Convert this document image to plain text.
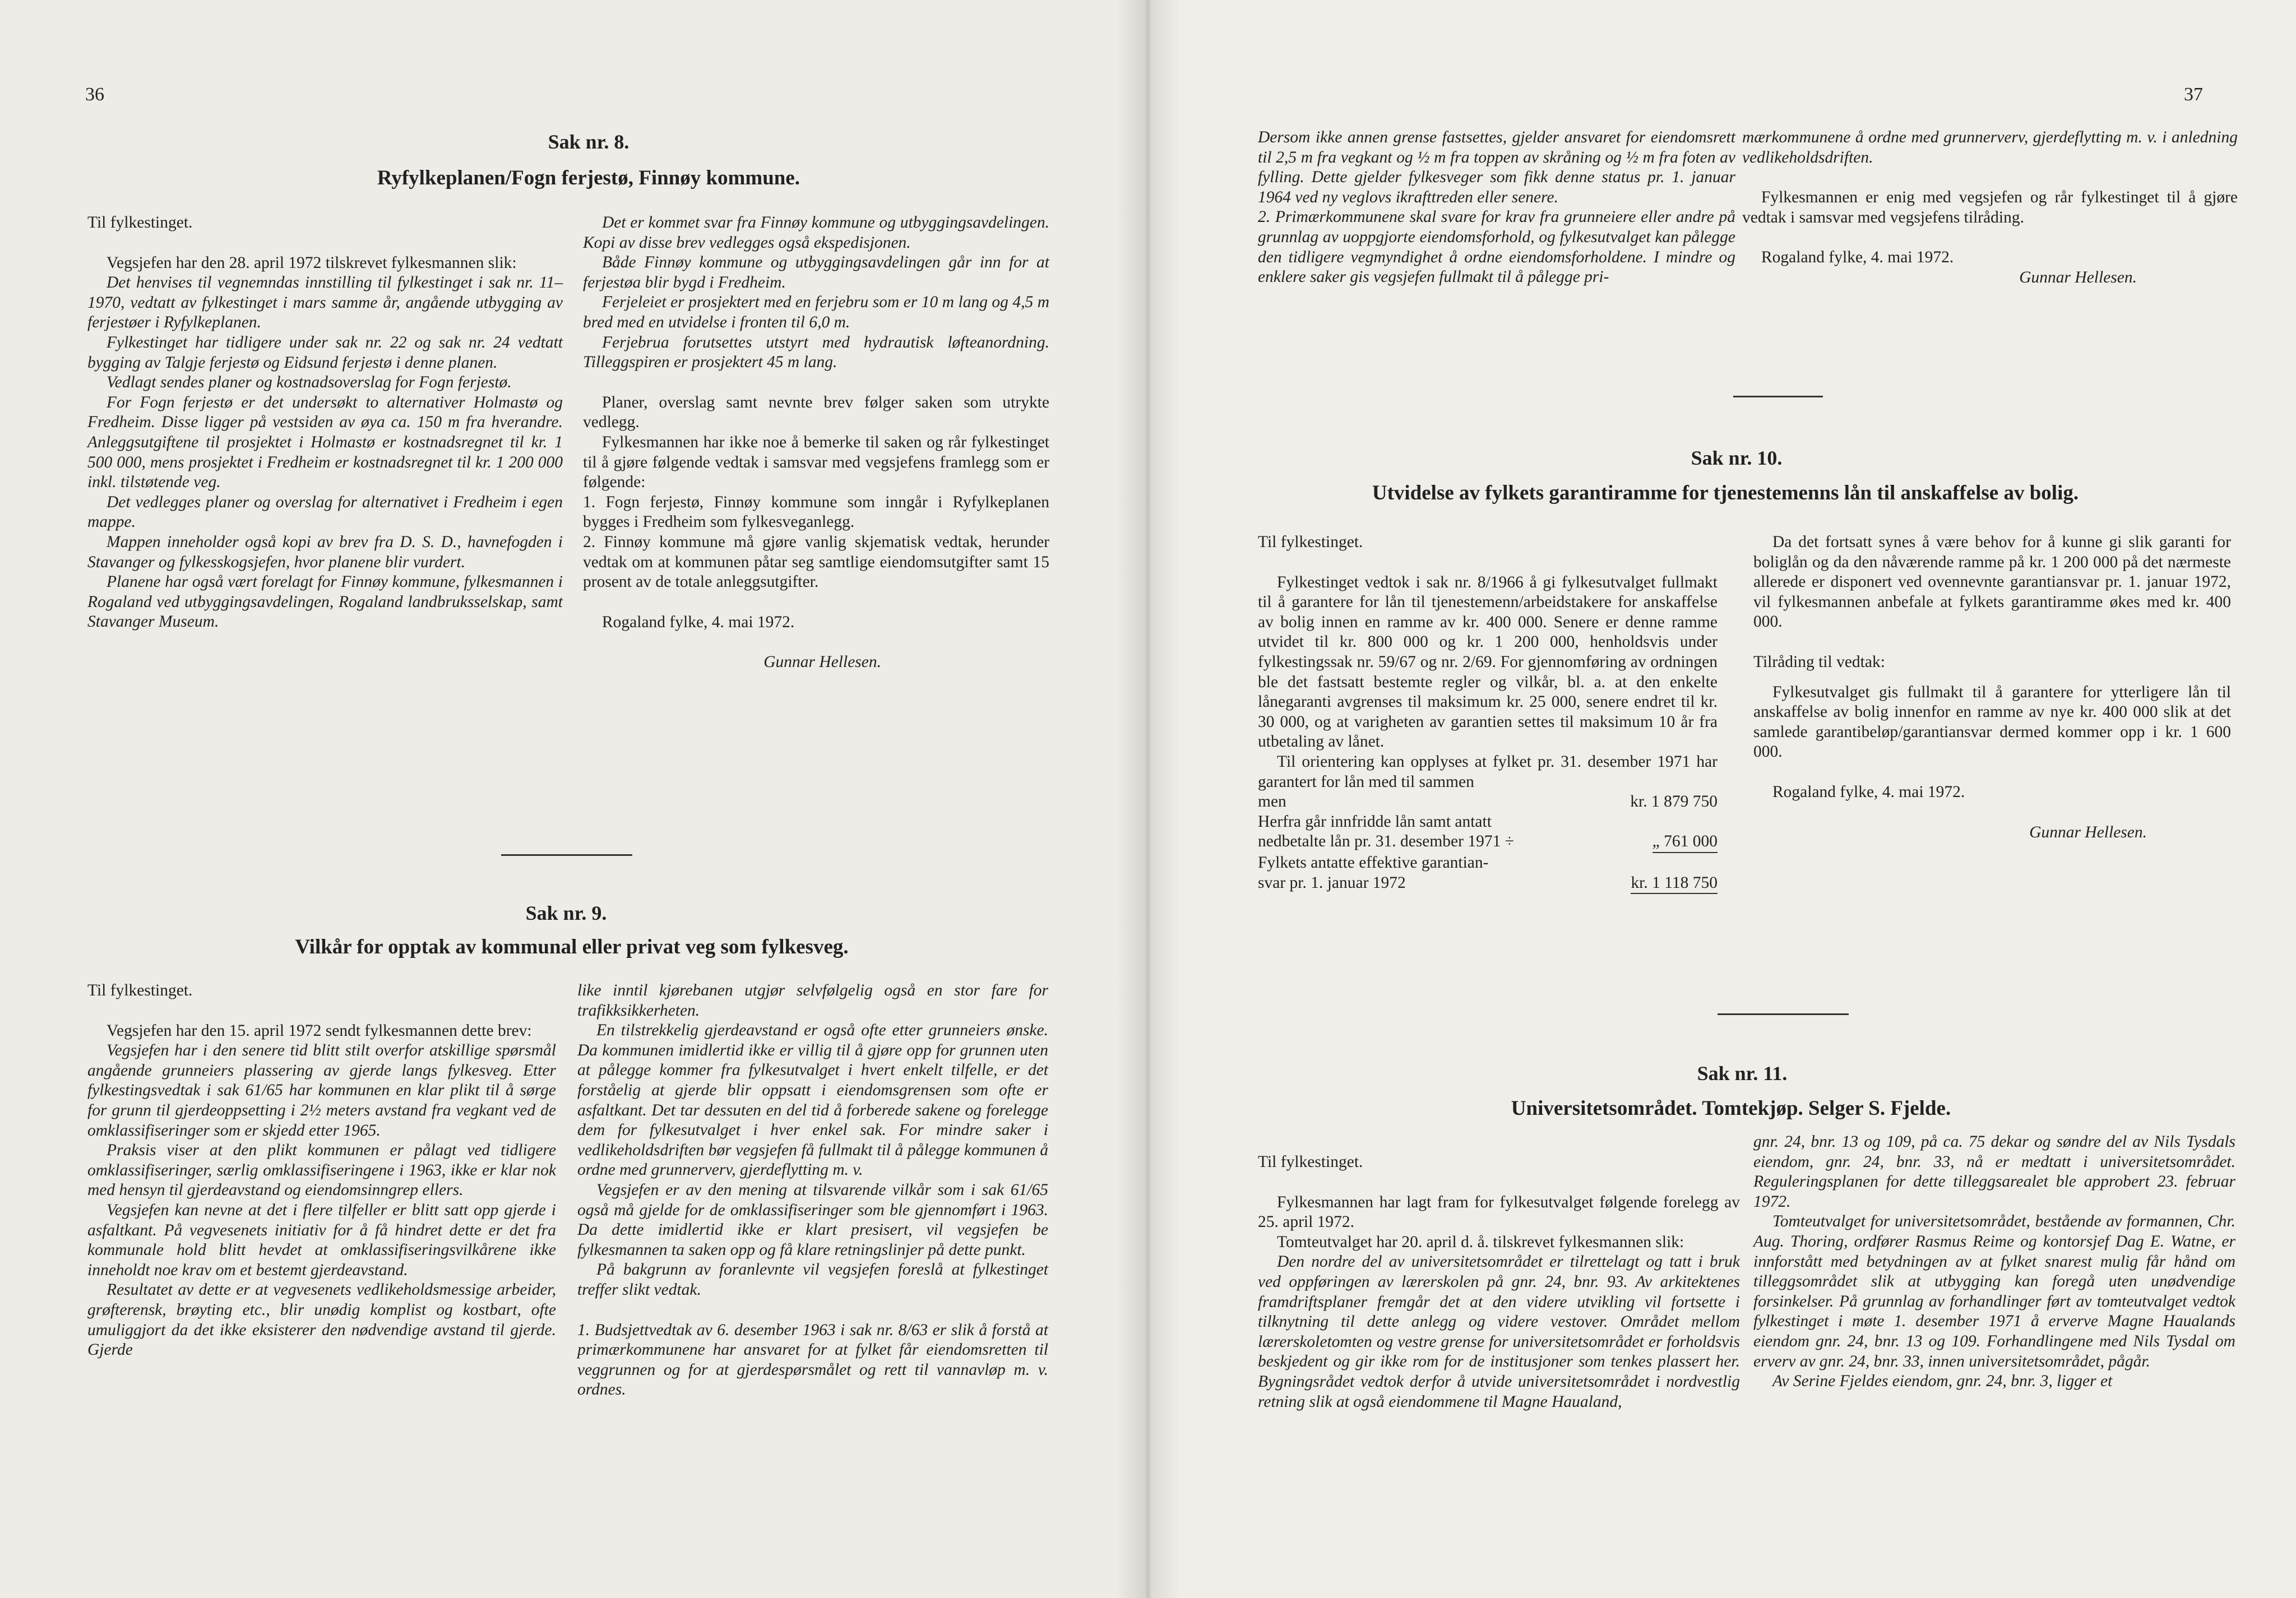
36
Sak nr. 8.
Ryfylkeplanen/Fogn ferjestø, Finnøy kommune.

Til fylkestinget.

Vegsjefen har den 28. april 1972 tilskrevet fylkesmannen slik:

Det henvises til vegnemndas innstilling til fylkestinget i sak nr. 11–1970, vedtatt av fylkestinget i mars samme år, angående utbygging av ferjestøer i Ryfylkeplanen.

Fylkestinget har tidligere under sak nr. 22 og sak nr. 24 vedtatt bygging av Talgje ferjestø og Eidsund ferjestø i denne planen.

Vedlagt sendes planer og kostnadsoverslag for Fogn ferjestø.

For Fogn ferjestø er det undersøkt to alternativer Holmastø og Fredheim. Disse ligger på vestsiden av øya ca. 150 m fra hverandre. Anleggsutgiftene til prosjektet i Holmastø er kostnadsregnet til kr. 1 500 000, mens prosjektet i Fredheim er kostnadsregnet til kr. 1 200 000 inkl. tilstøtende veg.

Det vedlegges planer og overslag for alternativet i Fredheim i egen mappe.

Mappen inneholder også kopi av brev fra D. S. D., havnefogden i Stavanger og fylkesskogsjefen, hvor planene blir vurdert.

Planene har også vært forelagt for Finnøy kommune, fylkesmannen i Rogaland ved utbyggingsavdelingen, Rogaland landbruksselskap, samt Stavanger Museum.

Det er kommet svar fra Finnøy kommune og utbyggingsavdelingen. Kopi av disse brev vedlegges også ekspedisjonen.

Både Finnøy kommune og utbyggingsavdelingen går inn for at ferjestøa blir bygd i Fredheim.

Ferjeleiet er prosjektert med en ferjebru som er 10 m lang og 4,5 m bred med en utvidelse i fronten til 6,0 m.

Ferjebrua forutsettes utstyrt med hydrautisk løfteanordning. Tilleggspiren er prosjektert 45 m lang.

Planer, overslag samt nevnte brev følger saken som utrykte vedlegg.

Fylkesmannen har ikke noe å bemerke til saken og rår fylkestinget til å gjøre følgende vedtak i samsvar med vegsjefens framlegg som er følgende:

1. Fogn ferjestø, Finnøy kommune som inngår i Ryfylkeplanen bygges i Fredheim som fylkesveganlegg.

2. Finnøy kommune må gjøre vanlig skjematisk vedtak, herunder vedtak om at kommunen påtar seg samtlige eiendomsutgifter samt 15 prosent av de totale anleggsutgifter.

Rogaland fylke, 4. mai 1972.

Gunnar Hellesen.

Sak nr. 9.
Vilkår for opptak av kommunal eller privat veg som fylkesveg.

Til fylkestinget.

Vegsjefen har den 15. april 1972 sendt fylkesmannen dette brev:

Vegsjefen har i den senere tid blitt stilt overfor atskillige spørsmål angående grunneiers plassering av gjerde langs fylkesveg. Etter fylkestingsvedtak i sak 61/65 har kommunen en klar plikt til å sørge for grunn til gjerdeoppsetting i 2½ meters avstand fra vegkant ved de omklassifiseringer som er skjedd etter 1965.

Praksis viser at den plikt kommunen er pålagt ved tidligere omklassifiseringer, særlig omklassifiseringene i 1963, ikke er klar nok med hensyn til gjerdeavstand og eiendomsinngrep ellers.

Vegsjefen kan nevne at det i flere tilfeller er blitt satt opp gjerde i asfaltkant. På vegvesenets initiativ for å få hindret dette er det fra kommunale hold blitt hevdet at omklassifiseringsvilkårene ikke inneholdt noe krav om et bestemt gjerdeavstand.

Resultatet av dette er at vegvesenets vedlikeholdsmessige arbeider, grøfterensk, brøyting etc., blir unødig komplist og kostbart, ofte umuliggjort da det ikke eksisterer den nødvendige avstand til gjerde. Gjerde

like inntil kjørebanen utgjør selvfølgelig også en stor fare for trafikksikkerheten.

En tilstrekkelig gjerdeavstand er også ofte etter grunneiers ønske. Da kommunen imidlertid ikke er villig til å gjøre opp for grunnen uten at pålegge kommer fra fylkesutvalget i hvert enkelt tilfelle, er det forståelig at gjerde blir oppsatt i eiendomsgrensen som ofte er asfaltkant. Det tar dessuten en del tid å forberede sakene og forelegge dem for fylkesutvalget i hver enkel sak. For mindre saker i vedlikeholdsdriften bør vegsjefen få fullmakt til å pålegge kommunen å ordne med grunnerverv, gjerdeflytting m. v.

Vegsjefen er av den mening at tilsvarende vilkår som i sak 61/65 også må gjelde for de omklassifiseringer som ble gjennomført i 1963. Da dette imidlertid ikke er klart presisert, vil vegsjefen be fylkesmannen ta saken opp og få klare retningslinjer på dette punkt.

På bakgrunn av foranlevnte vil vegsjefen foreslå at fylkestinget treffer slikt vedtak.

1. Budsjettvedtak av 6. desember 1963 i sak nr. 8/63 er slik å forstå at primærkommunene har ansvaret for at fylket får eiendomsretten til veggrunnen og for at gjerdespørsmålet og rett til vannavløp m. v. ordnes.

37

Dersom ikke annen grense fastsettes, gjelder ansvaret for eiendomsrett til 2,5 m fra vegkant og ½ m fra toppen av skråning og ½ m fra foten av fylling. Dette gjelder fylkesveger som fikk denne status pr. 1. januar 1964 ved ny veglovs ikrafttreden eller senere.

2. Primærkommunene skal svare for krav fra grunneiere eller andre på grunnlag av uoppgjorte eiendomsforhold, og fylkesutvalget kan pålegge den tidligere vegmyndighet å ordne eiendomsforholdene. I mindre og enklere saker gis vegsjefen fullmakt til å pålegge pri-

mærkommunene å ordne med grunnerverv, gjerdeflytting m. v. i anledning vedlikeholdsdriften.

Fylkesmannen er enig med vegsjefen og rår fylkestinget til å gjøre vedtak i samsvar med vegsjefens tilråding.

Rogaland fylke, 4. mai 1972.

Gunnar Hellesen.

Sak nr. 10.
Utvidelse av fylkets garantiramme for tjenestemenns lån til anskaffelse av bolig.

Til fylkestinget.

Fylkestinget vedtok i sak nr. 8/1966 å gi fylkesutvalget fullmakt til å garantere for lån til tjenestemenn/arbeidstakere for anskaffelse av bolig innen en ramme av kr. 400 000. Senere er denne ramme utvidet til kr. 800 000 og kr. 1 200 000, henholdsvis under fylkestingssak nr. 59/67 og nr. 2/69. For gjennomføring av ordningen ble det fastsatt bestemte regler og vilkår, bl. a. at den enkelte lånegaranti avgrenses til maksimum kr. 25 000, senere endret til kr. 30 000, og at varigheten av garantien settes til maksimum 10 år fra utbetaling av lånet.

Til orientering kan opplyses at fylket pr. 31. desember 1971 har garantert for lån med til sammen

men	kr. 1 879 750
Herfra går innfridde lån samt antatt
nedbetalte lån pr. 31. desember 1971 ÷	„ 761 000
Fylkets antatte effektive garantian-
svar pr. 1. januar 1972	kr. 1 118 750

Da det fortsatt synes å være behov for å kunne gi slik garanti for boliglån og da den nåværende ramme på kr. 1 200 000 på det nærmeste allerede er disponert ved ovennevnte garantiansvar pr. 1. januar 1972, vil fylkesmannen anbefale at fylkets garantiramme økes med kr. 400 000.

Tilråding til vedtak:

Fylkesutvalget gis fullmakt til å garantere for ytterligere lån til anskaffelse av bolig innenfor en ramme av nye kr. 400 000 slik at det samlede garantibeløp/garantiansvar dermed kommer opp i kr. 1 600 000.

Rogaland fylke, 4. mai 1972.

Gunnar Hellesen.

Sak nr. 11.
Universitetsområdet. Tomtekjøp. Selger S. Fjelde.

Til fylkestinget.

Fylkesmannen har lagt fram for fylkesutvalget følgende forelegg av 25. april 1972.

Tomteutvalget har 20. april d. å. tilskrevet fylkesmannen slik:

Den nordre del av universitetsområdet er tilrettelagt og tatt i bruk ved oppføringen av lærerskolen på gnr. 24, bnr. 93. Av arkitektenes framdriftsplaner fremgår det at den videre utvikling vil fortsette i tilknytning til dette anlegg og videre vestover. Området mellom lærerskoletomten og vestre grense for universitetsområdet er forholdsvis beskjedent og gir ikke rom for de institusjoner som tenkes plassert her. Bygningsrådet vedtok derfor å utvide universitetsområdet i nordvestlig retning slik at også eiendommene til Magne Haualand,

gnr. 24, bnr. 13 og 109, på ca. 75 dekar og søndre del av Nils Tysdals eiendom, gnr. 24, bnr. 33, nå er medtatt i universitetsområdet. Reguleringsplanen for dette tilleggsarealet ble approbert 23. februar 1972.

Tomteutvalget for universitetsområdet, bestående av formannen, Chr. Aug. Thoring, ordfører Rasmus Reime og kontorsjef Dag E. Watne, er innforstått med betydningen av at fylket snarest mulig får hånd om tilleggsområdet slik at utbygging kan foregå uten unødvendige forsinkelser. På grunnlag av forhandlinger ført av tomteutvalget vedtok fylkestinget i møte 1. desember 1971 å erverve Magne Haualands eiendom gnr. 24, bnr. 13 og 109. Forhandlingene med Nils Tysdal om erverv av gnr. 24, bnr. 33, innen universitetsområdet, pågår.

Av Serine Fjeldes eiendom, gnr. 24, bnr. 3, ligger et
